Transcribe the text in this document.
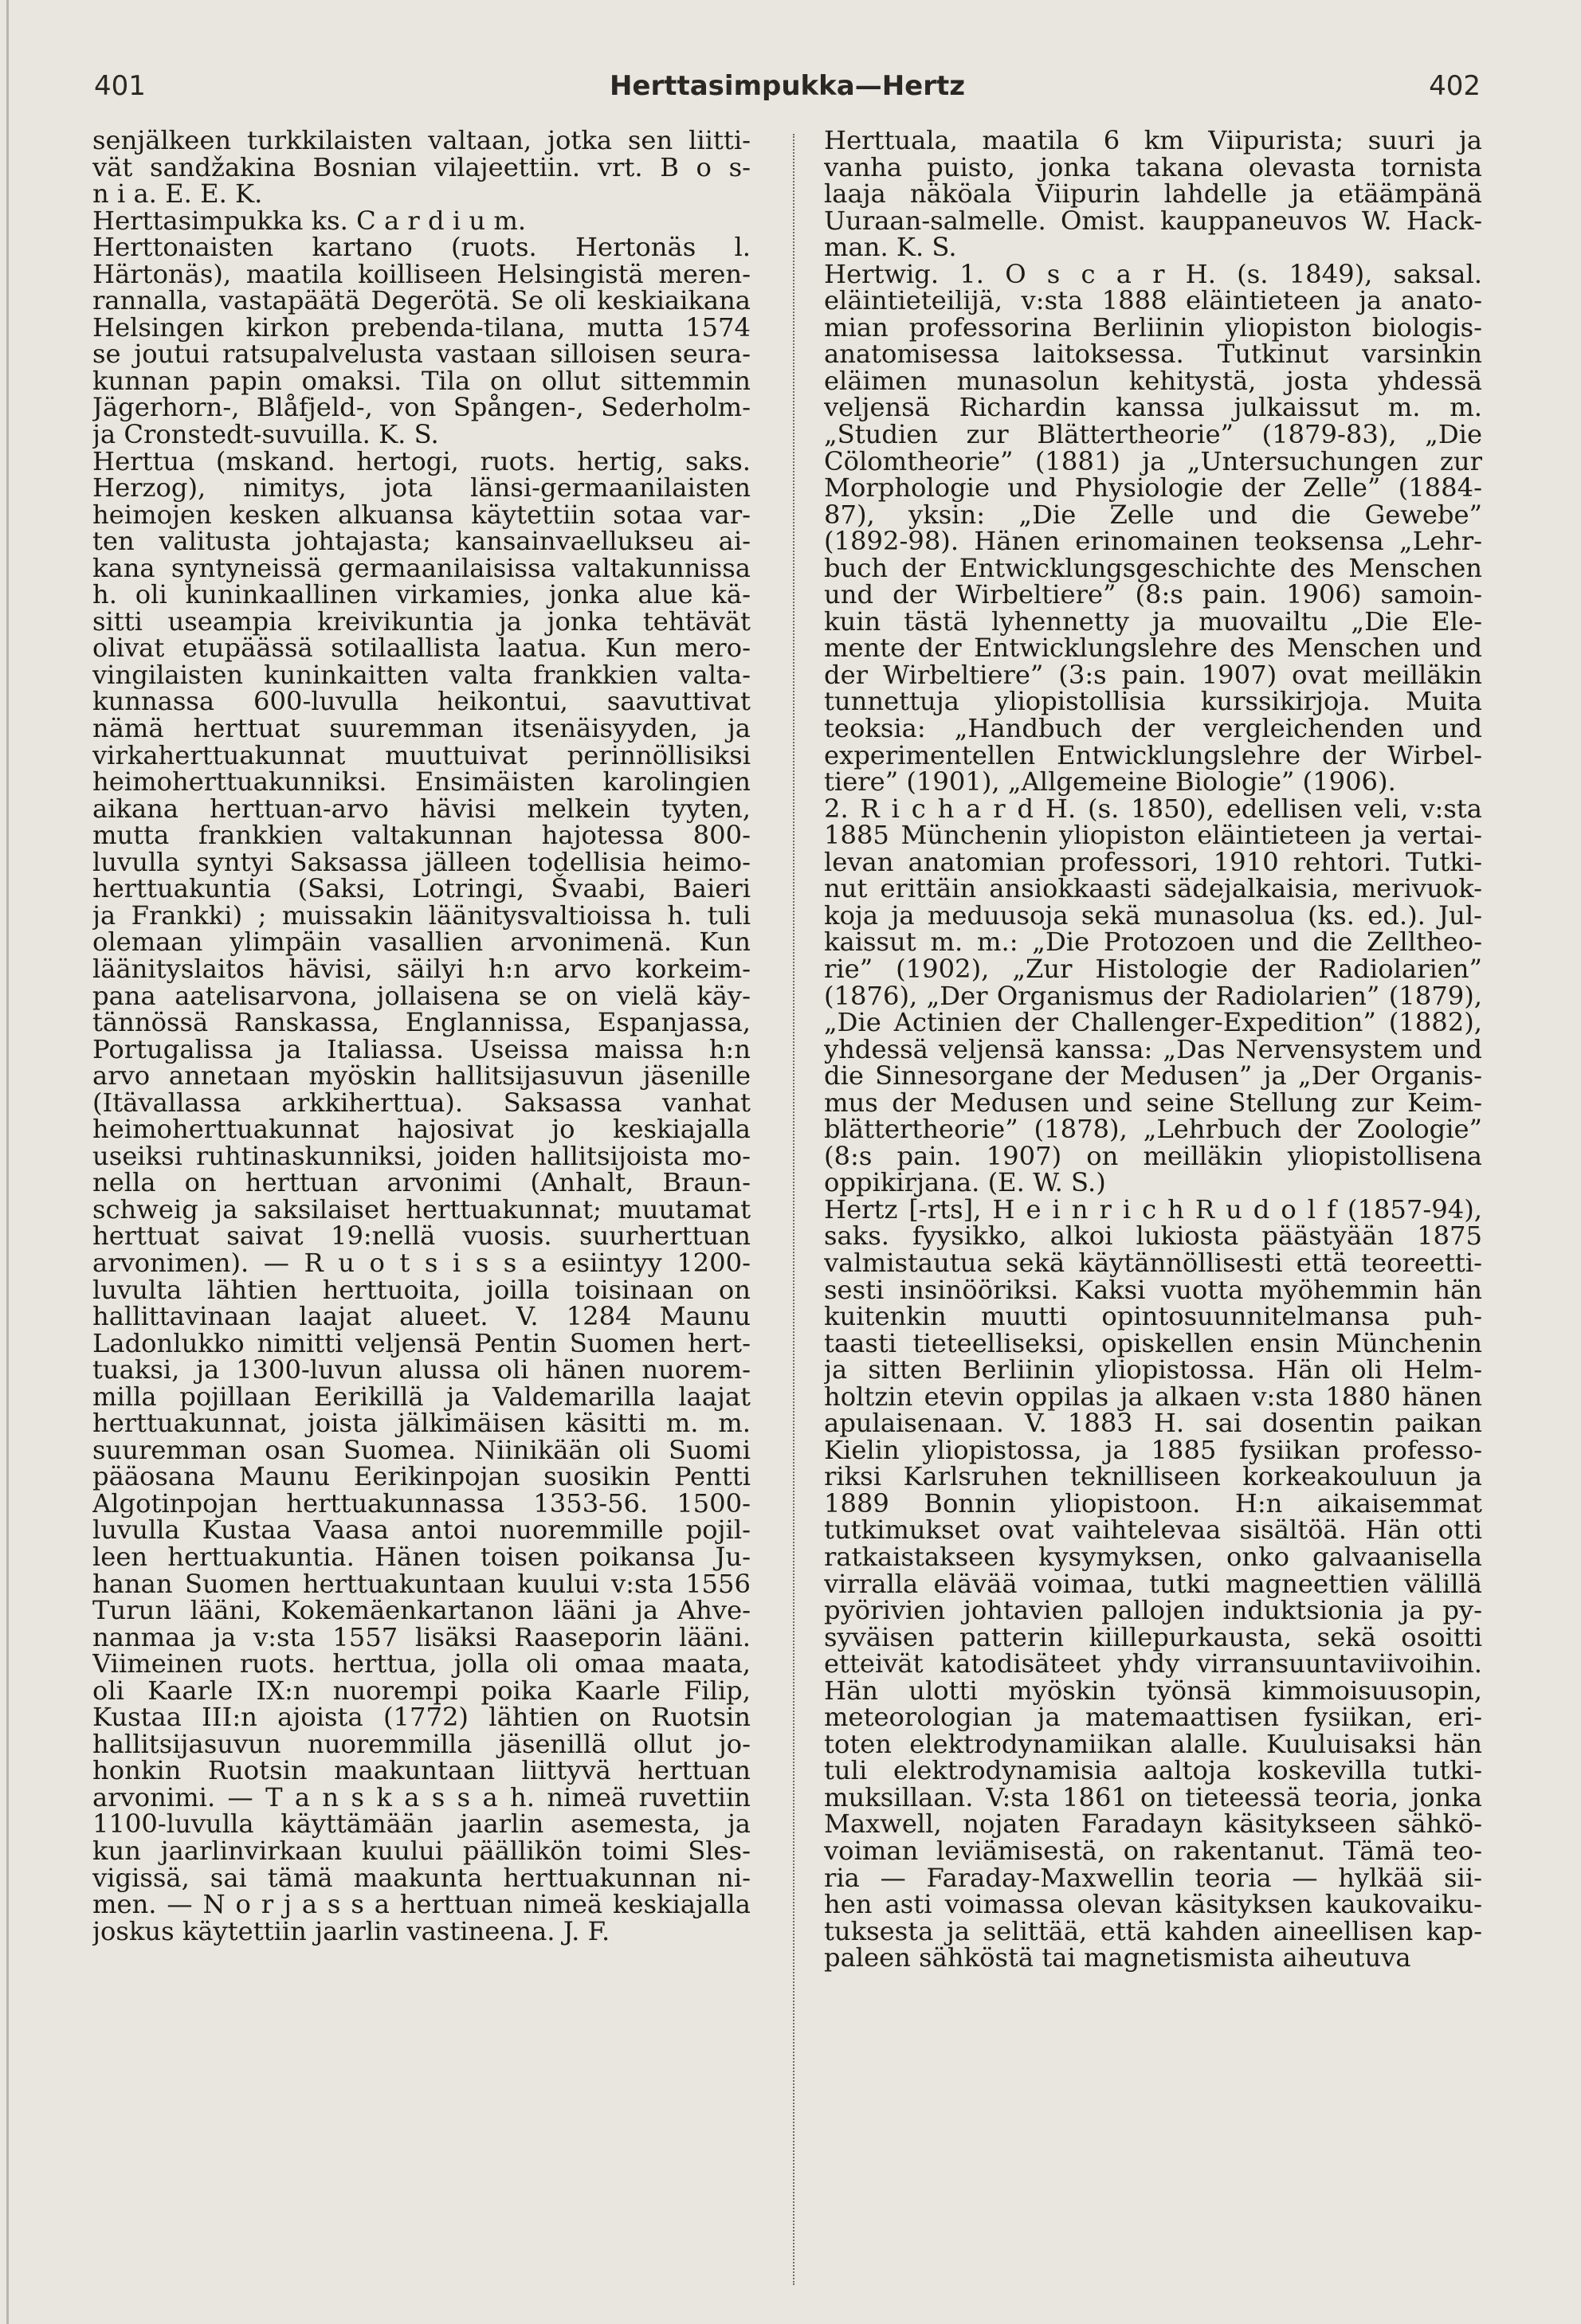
401	Herttasimpukka—Hertz	402
senjälkeen turkkilaisten valtaan, jotka sen liitti-
vät sandžakina Bosnian vilajeettiin. vrt. B o s-
n i a. E. E. K.
Herttasimpukka ks. C a r d i u m.
Herttonaisten kartano (ruots. Hertonäs l.
Härtonäs), maatila koilliseen Helsingistä meren-
rannalla, vastapäätä Degerötä. Se oli keskiaikana
Helsingen kirkon prebenda-tilana, mutta 1574
se joutui ratsupalvelusta vastaan silloisen seura-
kunnan papin omaksi. Tila on ollut sittemmin
Jägerhorn-, Blåfjeld-, von Spången-, Sederholm-
ja Cronstedt-suvuilla. K. S.
Herttua (mskand. hertogi, ruots. hertig, saks.
Herzog), nimitys, jota länsi-germaanilaisten
heimojen kesken alkuansa käytettiin sotaa var-
ten valitusta johtajasta; kansainvaellukseu ai-
kana syntyneissä germaanilaisissa valtakunnissa
h. oli kuninkaallinen virkamies, jonka alue kä-
sitti useampia kreivikuntia ja jonka tehtävät
olivat etupäässä sotilaallista laatua. Kun mero-
vingilaisten kuninkaitten valta frankkien valta-
kunnassa 600-luvulla heikontui, saavuttivat
nämä herttuat suuremman itsenäisyyden, ja
virkaherttuakunnat muuttuivat perinnöllisiksi
heimoherttuakunniksi. Ensimäisten karolingien
aikana herttuan-arvo hävisi melkein tyyten,
mutta frankkien valtakunnan hajotessa 800-
luvulla syntyi Saksassa jälleen todellisia heimo-
herttuakuntia (Saksi, Lotringi, Švaabi, Baieri
ja Frankki) ; muissakin läänitysvaltioissa h. tuli
olemaan ylimpäin vasallien arvonimenä. Kun
läänityslaitos hävisi, säilyi h:n arvo korkeim-
pana aatelisarvona, jollaisena se on vielä käy-
tännössä Ranskassa, Englannissa, Espanjassa,
Portugalissa ja Italiassa. Useissa maissa h:n
arvo annetaan myöskin hallitsijasuvun jäsenille
(Itävallassa arkkiherttua). Saksassa vanhat
heimoherttuakunnat hajosivat jo keskiajalla
useiksi ruhtinaskunniksi, joiden hallitsijoista mo-
nella on herttuan arvonimi (Anhalt, Braun-
schweig ja saksilaiset herttuakunnat; muutamat
herttuat saivat 19:nellä vuosis. suurherttuan
arvonimen). — R u o t s i s s a esiintyy 1200-
luvulta lähtien herttuoita, joilla toisinaan on
hallittavinaan laajat alueet. V. 1284 Maunu
Ladonlukko nimitti veljensä Pentin Suomen hert-
tuaksi, ja 1300-luvun alussa oli hänen nuorem-
milla pojillaan Eerikillä ja Valdemarilla laajat
herttuakunnat, joista jälkimäisen käsitti m. m.
suuremman osan Suomea. Niinikään oli Suomi
pääosana Maunu Eerikinpojan suosikin Pentti
Algotinpojan herttuakunnassa 1353-56. 1500-
luvulla Kustaa Vaasa antoi nuoremmille pojil-
leen herttuakuntia. Hänen toisen poikansa Ju-
hanan Suomen herttuakuntaan kuului v:sta 1556
Turun lääni, Kokemäenkartanon lääni ja Ahve-
nanmaa ja v:sta 1557 lisäksi Raaseporin lääni.
Viimeinen ruots. herttua, jolla oli omaa maata,
oli Kaarle IX:n nuorempi poika Kaarle Filip,
Kustaa III:n ajoista (1772) lähtien on Ruotsin
hallitsijasuvun nuoremmilla jäsenillä ollut jo-
honkin Ruotsin maakuntaan liittyvä herttuan
arvonimi. — T a n s k a s s a h. nimeä ruvettiin
1100-luvulla käyttämään jaarlin asemesta, ja
kun jaarlinvirkaan kuului päällikön toimi Sles-
vigissä, sai tämä maakunta herttuakunnan ni-
men. — N o r j a s s a herttuan nimeä keskiajalla
joskus käytettiin jaarlin vastineena. J. F.
Herttuala, maatila 6 km Viipurista; suuri ja
vanha puisto, jonka takana olevasta tornista
laaja näköala Viipurin lahdelle ja etäämpänä
Uuraan-salmelle. Omist. kauppaneuvos W. Hack-
man. K. S.
Hertwig. 1. O s c a r H. (s. 1849), saksal.
eläintieteilijä, v:sta 1888 eläintieteen ja anato-
mian professorina Berliinin yliopiston biologis-
anatomisessa laitoksessa. Tutkinut varsinkin
eläimen munasolun kehitystä, josta yhdessä
veljensä Richardin kanssa julkaissut m. m.
„Studien zur Blättertheorie” (1879-83), „Die
Cölomtheorie” (1881) ja „Untersuchungen zur
Morphologie und Physiologie der Zelle” (1884-
87), yksin: „Die Zelle und die Gewebe”
(1892-98). Hänen erinomainen teoksensa „Lehr-
buch der Entwicklungsgeschichte des Menschen
und der Wirbeltiere” (8:s pain. 1906) samoin-
kuin tästä lyhennetty ja muovailtu „Die Ele-
mente der Entwicklungslehre des Menschen und
der Wirbeltiere” (3:s pain. 1907) ovat meilläkin
tunnettuja yliopistollisia kurssikirjoja. Muita
teoksia: „Handbuch der vergleichenden und
experimentellen Entwicklungslehre der Wirbel-
tiere” (1901), „Allgemeine Biologie” (1906).
2. R i c h a r d H. (s. 1850), edellisen veli, v:sta
1885 Münchenin yliopiston eläintieteen ja vertai-
levan anatomian professori, 1910 rehtori. Tutki-
nut erittäin ansiokkaasti sädejalkaisia, merivuok-
koja ja meduusoja sekä munasolua (ks. ed.). Jul-
kaissut m. m.: „Die Protozoen und die Zelltheo-
rie” (1902), „Zur Histologie der Radiolarien”
(1876), „Der Organismus der Radiolarien” (1879),
„Die Actinien der Challenger-Expedition” (1882),
yhdessä veljensä kanssa: „Das Nervensystem und
die Sinnesorgane der Medusen” ja „Der Organis-
mus der Medusen und seine Stellung zur Keim-
blättertheorie” (1878), „Lehrbuch der Zoologie”
(8:s pain. 1907) on meilläkin yliopistollisena
oppikirjana. (E. W. S.)
Hertz [-rts], H e i n r i c h R u d o l f (1857-94),
saks. fyysikko, alkoi lukiosta päästyään 1875
valmistautua sekä käytännöllisesti että teoreetti-
sesti insinööriksi. Kaksi vuotta myöhemmin hän
kuitenkin muutti opintosuunnitelmansa puh-
taasti tieteelliseksi, opiskellen ensin Münchenin
ja sitten Berliinin yliopistossa. Hän oli Helm-
holtzin etevin oppilas ja alkaen v:sta 1880 hänen
apulaisenaan. V. 1883 H. sai dosentin paikan
Kielin yliopistossa, ja 1885 fysiikan professo-
riksi Karlsruhen teknilliseen korkeakouluun ja
1889 Bonnin yliopistoon. H:n aikaisemmat
tutkimukset ovat vaihtelevaa sisältöä. Hän otti
ratkaistakseen kysymyksen, onko galvaanisella
virralla elävää voimaa, tutki magneettien välillä
pyörivien johtavien pallojen induktsionia ja py-
syväisen patterin kiillepurkausta, sekä osoitti
etteivät katodisäteet yhdy virransuuntaviivoihin.
Hän ulotti myöskin työnsä kimmoisuusopin,
meteorologian ja matemaattisen fysiikan, eri-
toten elektrodynamiikan alalle. Kuuluisaksi hän
tuli elektrodynamisia aaltoja koskevilla tutki-
muksillaan. V:sta 1861 on tieteessä teoria, jonka
Maxwell, nojaten Faradayn käsitykseen sähkö-
voiman leviämisestä, on rakentanut. Tämä teo-
ria — Faraday-Maxwellin teoria — hylkää sii-
hen asti voimassa olevan käsityksen kaukovaiku-
tuksesta ja selittää, että kahden aineellisen kap-
paleen sähköstä tai magnetismista aiheutuva
